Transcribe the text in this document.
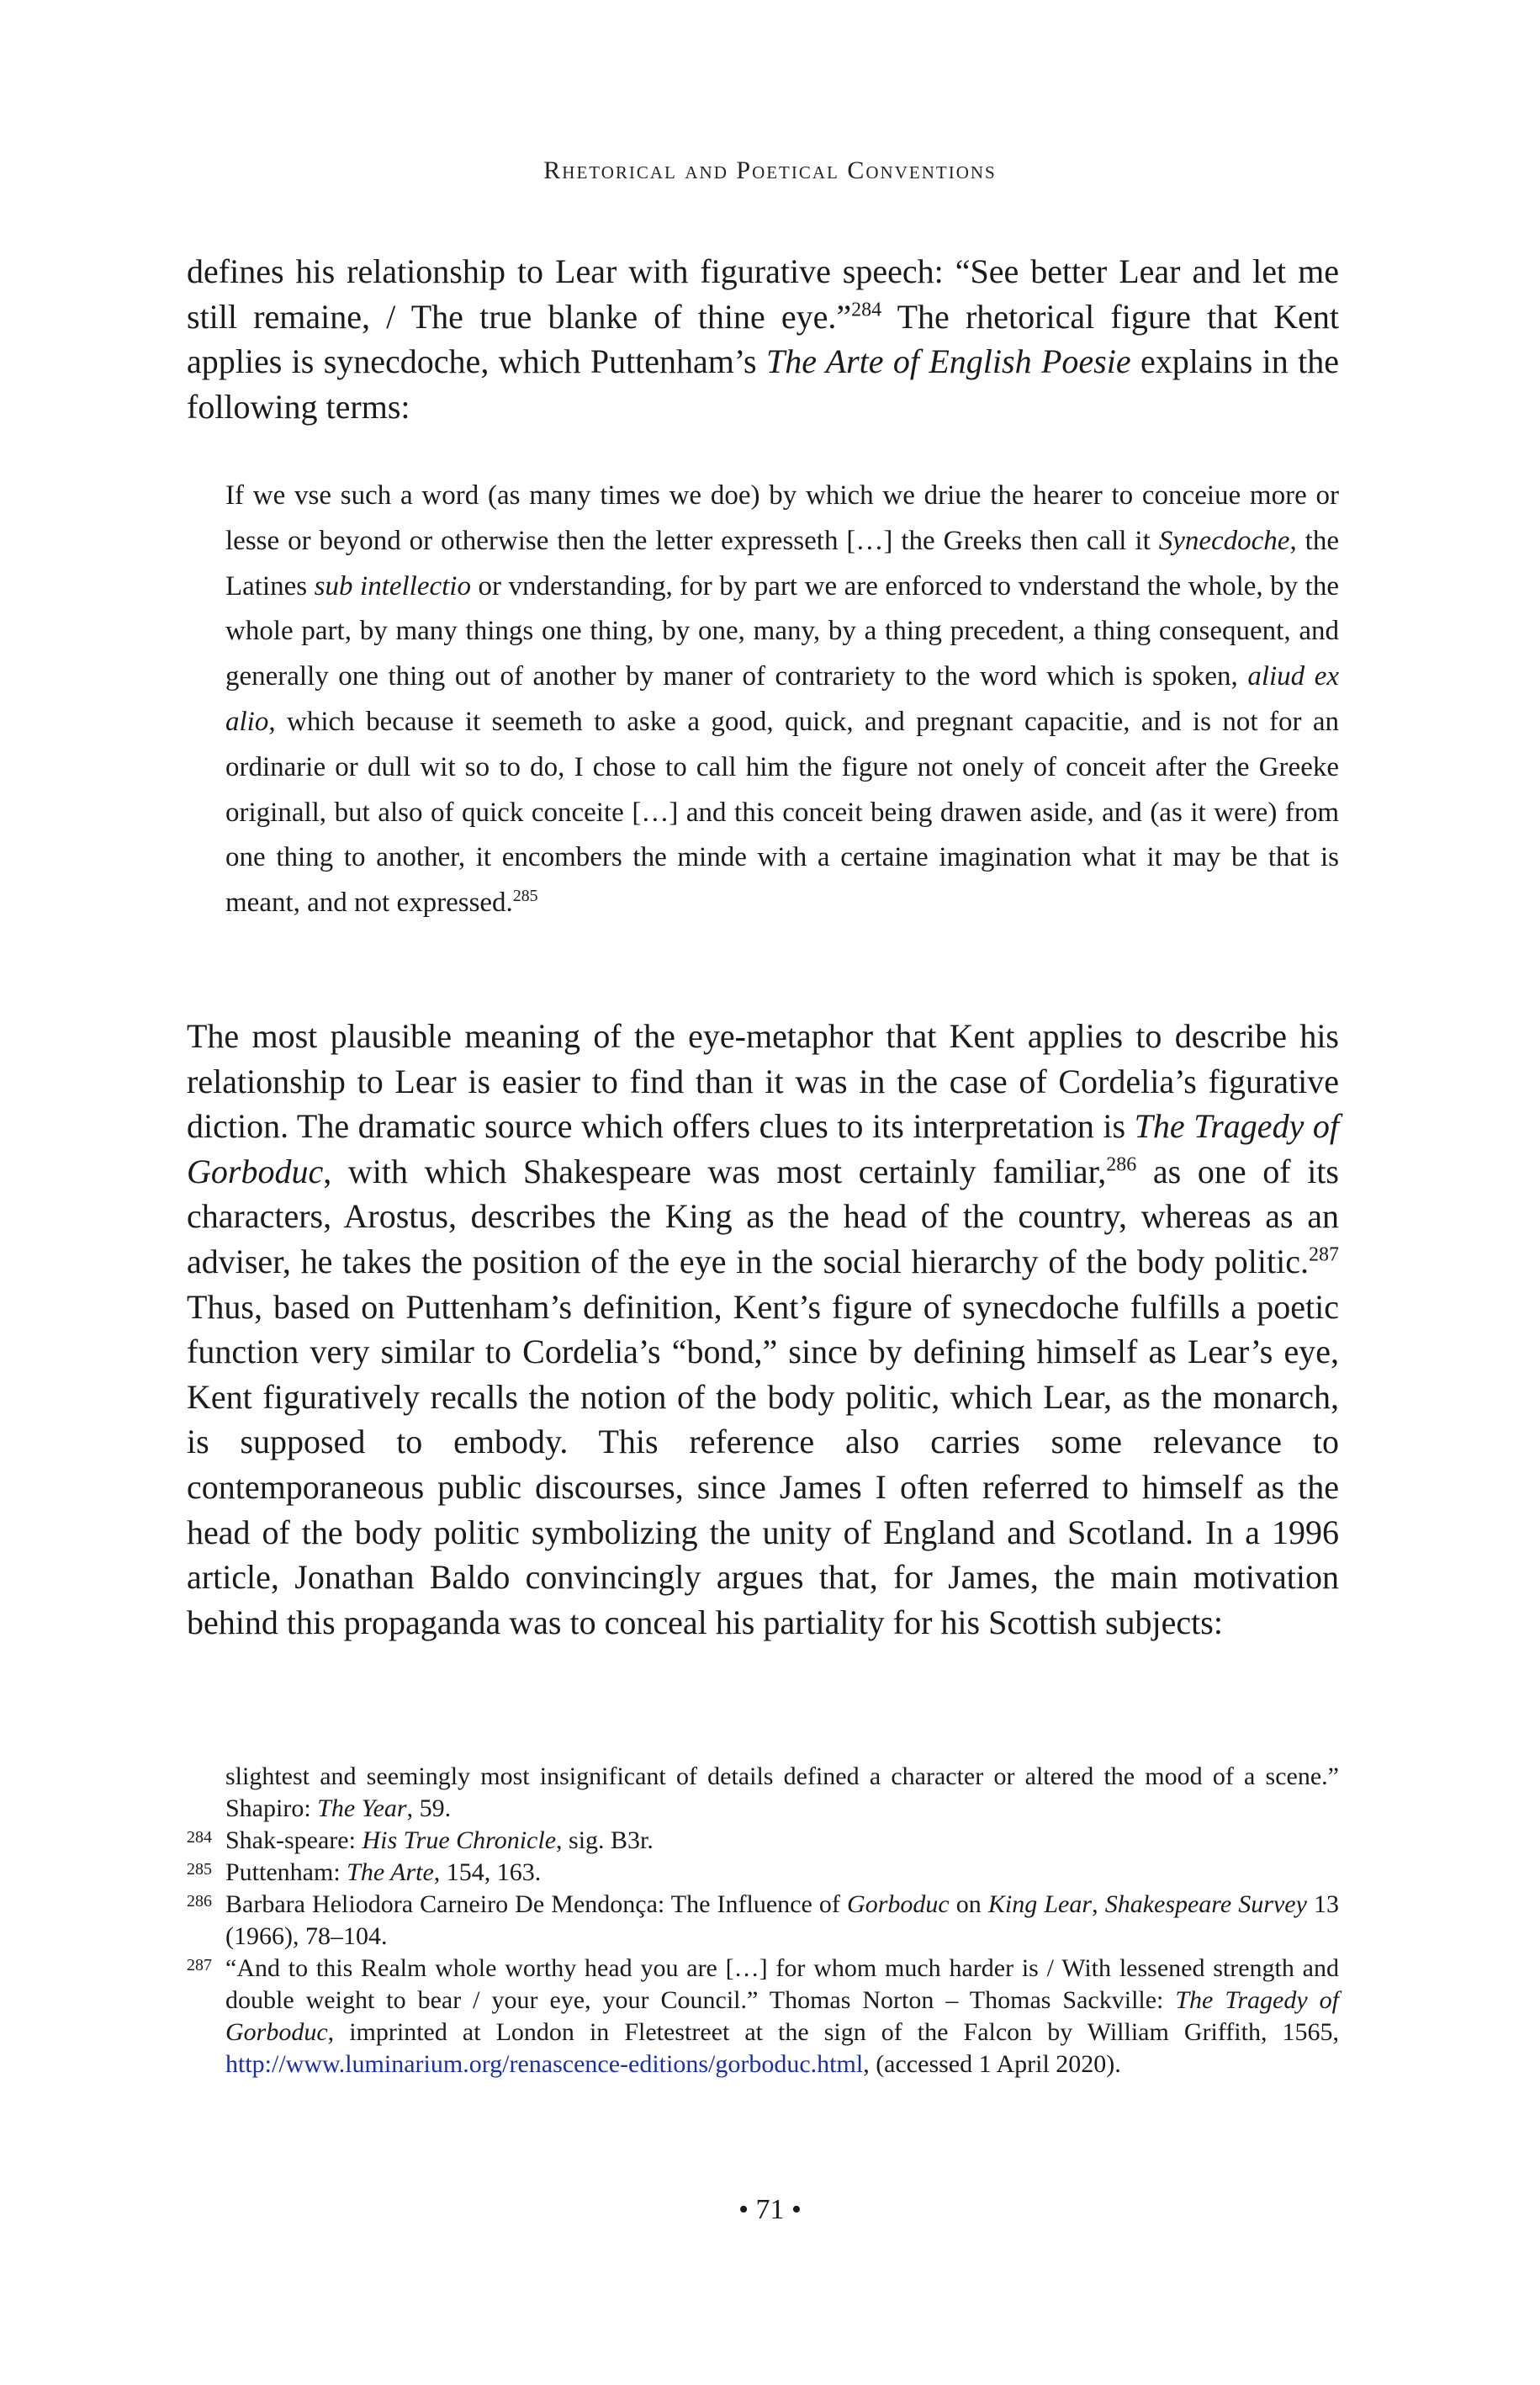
Rhetorical and Poetical Conventions

defines his relationship to Lear with figurative speech: “See better Lear and let me still remaine, / The true blanke of thine eye.”$^{284}$ The rhetorical figure that Kent applies is synecdoche, which Puttenham’s The Arte of English Poesie explains in the following terms:

If we vse such a word (as many times we doe) by which we driue the hearer to conceiue more or lesse or beyond or otherwise then the letter expresseth […] the Greeks then call it Synecdoche, the Latines sub intellectio or vnderstanding, for by part we are enforced to vnderstand the whole, by the whole part, by many things one thing, by one, many, by a thing precedent, a thing consequent, and generally one thing out of another by maner of contrariety to the word which is spoken, aliud ex alio, which because it seemeth to aske a good, quick, and pregnant capacitie, and is not for an ordinarie or dull wit so to do, I chose to call him the figure not onely of conceit after the Greeke originall, but also of quick conceite […] and this conceit being drawen aside, and (as it were) from one thing to another, it encombers the minde with a certaine imagination what it may be that is meant, and not expressed.$^{285}$

The most plausible meaning of the eye-metaphor that Kent applies to describe his relationship to Lear is easier to find than it was in the case of Cordelia’s figurative diction. The dramatic source which offers clues to its interpretation is The Tragedy of Gorboduc, with which Shakespeare was most certainly familiar,$^{286}$ as one of its characters, Arostus, describes the King as the head of the country, whereas as an adviser, he takes the position of the eye in the social hierarchy of the body politic.$^{287}$ Thus, based on Puttenham’s definition, Kent’s figure of synecdoche fulfills a poetic function very similar to Cordelia’s “bond,” since by defining himself as Lear’s eye, Kent figuratively recalls the notion of the body politic, which Lear, as the monarch, is supposed to embody. This reference also carries some relevance to contemporaneous public discourses, since James I often referred to himself as the head of the body politic symbolizing the unity of England and Scotland. In a 1996 article, Jonathan Baldo convincingly argues that, for James, the main motivation behind this propaganda was to conceal his partiality for his Scottish subjects:

slightest and seemingly most insignificant of details defined a character or altered the mood of a scene.” Shapiro: The Year, 59.

284 Shak-speare: His True Chronicle, sig. B3r.

285 Puttenham: The Arte, 154, 163.

286 Barbara Heliodora Carneiro De Mendonça: The Influence of Gorboduc on King Lear, Shakespeare Survey 13 (1966), 78–104.

287 “And to this Realm whole worthy head you are […] for whom much harder is / With lessened strength and double weight to bear / your eye, your Council.” Thomas Norton – Thomas Sackville: The Tragedy of Gorboduc, imprinted at London in Fletestreet at the sign of the Falcon by William Griffith, 1565, http://www.luminarium.org/renascence-editions/gorboduc.html, (accessed 1 April 2020).

• 71 •
